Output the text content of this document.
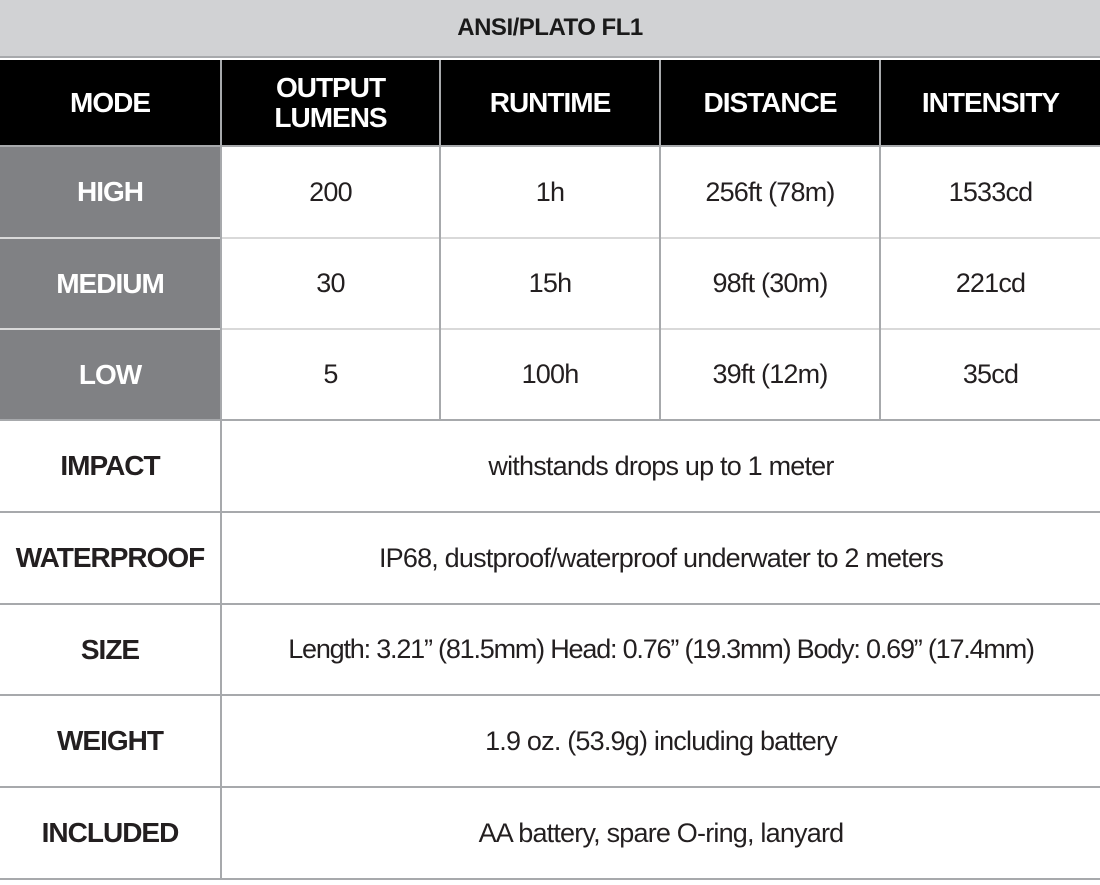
ANSI/PLATO FL1
MODE	OUTPUT LUMENS	RUNTIME	DISTANCE	INTENSITY
HIGH	200	1h	256ft (78m)	1533cd
MEDIUM	30	15h	98ft (30m)	221cd
LOW	5	100h	39ft (12m)	35cd
IMPACT	withstands drops up to 1 meter
WATERPROOF	IP68, dustproof/waterproof underwater to 2 meters
SIZE	Length: 3.21” (81.5mm) Head: 0.76” (19.3mm) Body: 0.69” (17.4mm)
WEIGHT	1.9 oz. (53.9g) including battery
INCLUDED	AA battery, spare O-ring, lanyard
